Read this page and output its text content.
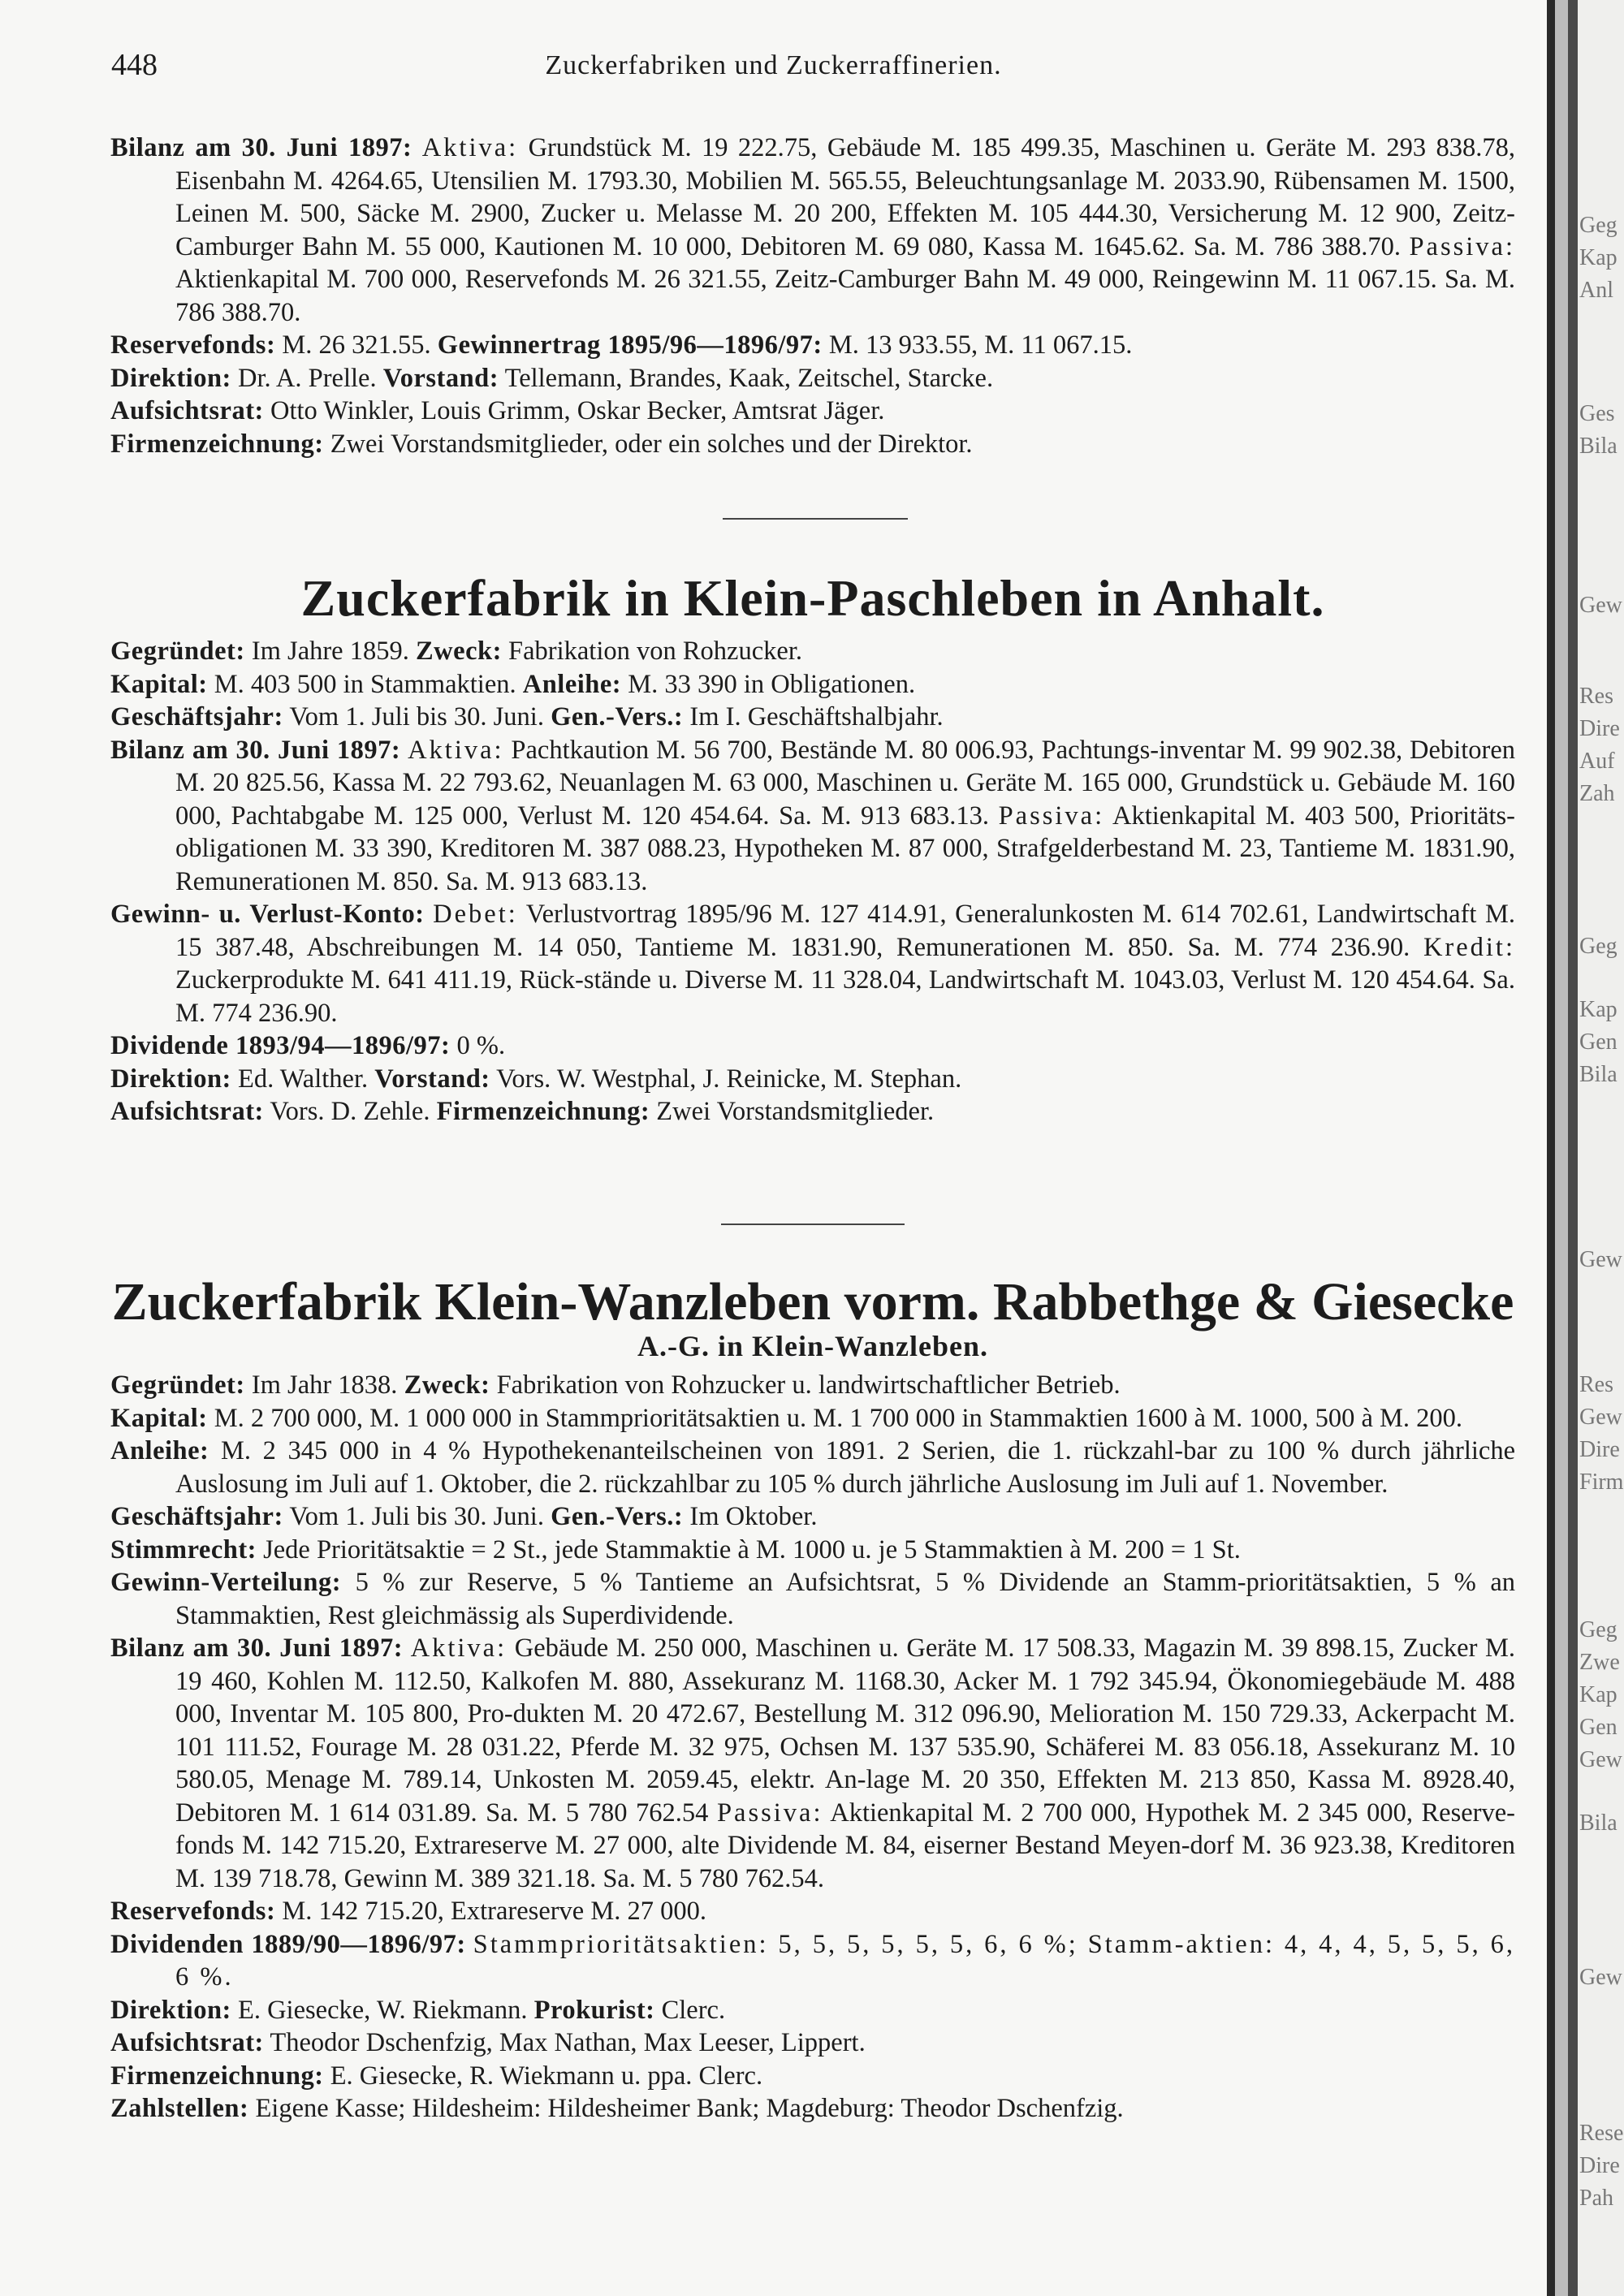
448	Zuckerfabriken und Zuckerraffinerien.
Bilanz am 30. Juni 1897: Aktiva: Grundstück M. 19 222.75, Gebäude M. 185 499.35, Maschinen u. Geräte M. 293 838.78, Eisenbahn M. 4264.65, Utensilien M. 1793.30, Mobilien M. 565.55, Beleuchtungsanlage M. 2033.90, Rübensamen M. 1500, Leinen M. 500, Säcke M. 2900, Zucker u. Melasse M. 20 200, Effekten M. 105 444.30, Versicherung M. 12 900, Zeitz-Camburger Bahn M. 55 000, Kautionen M. 10 000, Debitoren M. 69 080, Kassa M. 1645.62. Sa. M. 786 388.70. Passiva: Aktienkapital M. 700 000, Reservefonds M. 26 321.55, Zeitz-Camburger Bahn M. 49 000, Reingewinn M. 11 067.15. Sa. M. 786 388.70.
Reservefonds: M. 26 321.55. Gewinnertrag 1895/96—1896/97: M. 13 933.55, M. 11 067.15.
Direktion: Dr. A. Prelle. Vorstand: Tellemann, Brandes, Kaak, Zeitschel, Starcke.
Aufsichtsrat: Otto Winkler, Louis Grimm, Oskar Becker, Amtsrat Jäger.
Firmenzeichnung: Zwei Vorstandsmitglieder, oder ein solches und der Direktor.
Zuckerfabrik in Klein-Paschleben in Anhalt.
Gegründet: Im Jahre 1859. Zweck: Fabrikation von Rohzucker.
Kapital: M. 403 500 in Stammaktien. Anleihe: M. 33 390 in Obligationen.
Geschäftsjahr: Vom 1. Juli bis 30. Juni. Gen.-Vers.: Im I. Geschäftshalbjahr.
Bilanz am 30. Juni 1897: Aktiva: Pachtkaution M. 56 700, Bestände M. 80 006.93, Pachtungs-inventar M. 99 902.38, Debitoren M. 20 825.56, Kassa M. 22 793.62, Neuanlagen M. 63 000, Maschinen u. Geräte M. 165 000, Grundstück u. Gebäude M. 160 000, Pachtabgabe M. 125 000, Verlust M. 120 454.64. Sa. M. 913 683.13. Passiva: Aktienkapital M. 403 500, Prioritäts-obligationen M. 33 390, Kreditoren M. 387 088.23, Hypotheken M. 87 000, Strafgelderbestand M. 23, Tantieme M. 1831.90, Remunerationen M. 850. Sa. M. 913 683.13.
Gewinn- u. Verlust-Konto: Debet: Verlustvortrag 1895/96 M. 127 414.91, Generalunkosten M. 614 702.61, Landwirtschaft M. 15 387.48, Abschreibungen M. 14 050, Tantieme M. 1831.90, Remunerationen M. 850. Sa. M. 774 236.90. Kredit: Zuckerprodukte M. 641 411.19, Rück-stände u. Diverse M. 11 328.04, Landwirtschaft M. 1043.03, Verlust M. 120 454.64. Sa. M. 774 236.90.
Dividende 1893/94—1896/97: 0 %.
Direktion: Ed. Walther. Vorstand: Vors. W. Westphal, J. Reinicke, M. Stephan.
Aufsichtsrat: Vors. D. Zehle. Firmenzeichnung: Zwei Vorstandsmitglieder.
Zuckerfabrik Klein-Wanzleben vorm. Rabbethge & Giesecke
A.-G. in Klein-Wanzleben.
Gegründet: Im Jahr 1838. Zweck: Fabrikation von Rohzucker u. landwirtschaftlicher Betrieb.
Kapital: M. 2 700 000, M. 1 000 000 in Stammprioritätsaktien u. M. 1 700 000 in Stammaktien 1600 à M. 1000, 500 à M. 200.
Anleihe: M. 2 345 000 in 4 % Hypothekenanteilscheinen von 1891. 2 Serien, die 1. rückzahl-bar zu 100 % durch jährliche Auslosung im Juli auf 1. Oktober, die 2. rückzahlbar zu 105 % durch jährliche Auslosung im Juli auf 1. November.
Geschäftsjahr: Vom 1. Juli bis 30. Juni. Gen.-Vers.: Im Oktober.
Stimmrecht: Jede Prioritätsaktie = 2 St., jede Stammaktie à M. 1000 u. je 5 Stammaktien à M. 200 = 1 St.
Gewinn-Verteilung: 5 % zur Reserve, 5 % Tantieme an Aufsichtsrat, 5 % Dividende an Stamm-prioritätsaktien, 5 % an Stammaktien, Rest gleichmässig als Superdividende.
Bilanz am 30. Juni 1897: Aktiva: Gebäude M. 250 000, Maschinen u. Geräte M. 17 508.33, Magazin M. 39 898.15, Zucker M. 19 460, Kohlen M. 112.50, Kalkofen M. 880, Assekuranz M. 1168.30, Acker M. 1 792 345.94, Ökonomiegebäude M. 488 000, Inventar M. 105 800, Pro-dukten M. 20 472.67, Bestellung M. 312 096.90, Melioration M. 150 729.33, Ackerpacht M. 101 111.52, Fourage M. 28 031.22, Pferde M. 32 975, Ochsen M. 137 535.90, Schäferei M. 83 056.18, Assekuranz M. 10 580.05, Menage M. 789.14, Unkosten M. 2059.45, elektr. An-lage M. 20 350, Effekten M. 213 850, Kassa M. 8928.40, Debitoren M. 1 614 031.89. Sa. M. 5 780 762.54 Passiva: Aktienkapital M. 2 700 000, Hypothek M. 2 345 000, Reserve-fonds M. 142 715.20, Extrareserve M. 27 000, alte Dividende M. 84, eiserner Bestand Meyen-dorf M. 36 923.38, Kreditoren M. 139 718.78, Gewinn M. 389 321.18. Sa. M. 5 780 762.54.
Reservefonds: M. 142 715.20, Extrareserve M. 27 000.
Dividenden 1889/90—1896/97: Stammprioritätsaktien: 5, 5, 5, 5, 5, 5, 6, 6 %; Stamm-aktien: 4, 4, 4, 5, 5, 5, 6, 6 %.
Direktion: E. Giesecke, W. Riekmann. Prokurist: Clerc.
Aufsichtsrat: Theodor Dschenfzig, Max Nathan, Max Leeser, Lippert.
Firmenzeichnung: E. Giesecke, R. Wiekmann u. ppa. Clerc.
Zahlstellen: Eigene Kasse; Hildesheim: Hildesheimer Bank; Magdeburg: Theodor Dschenfzig.
Geg
Kap
Anl
Ges
Bila
Gew
Res
Dire
Auf
Zah
Geg
Kap
Gen
Bila
Gew
Res
Gew
Dire
Firm
Geg
Zwe
Kap
Gen
Gew
Bila
Gew
Rese
Dire
Pah
